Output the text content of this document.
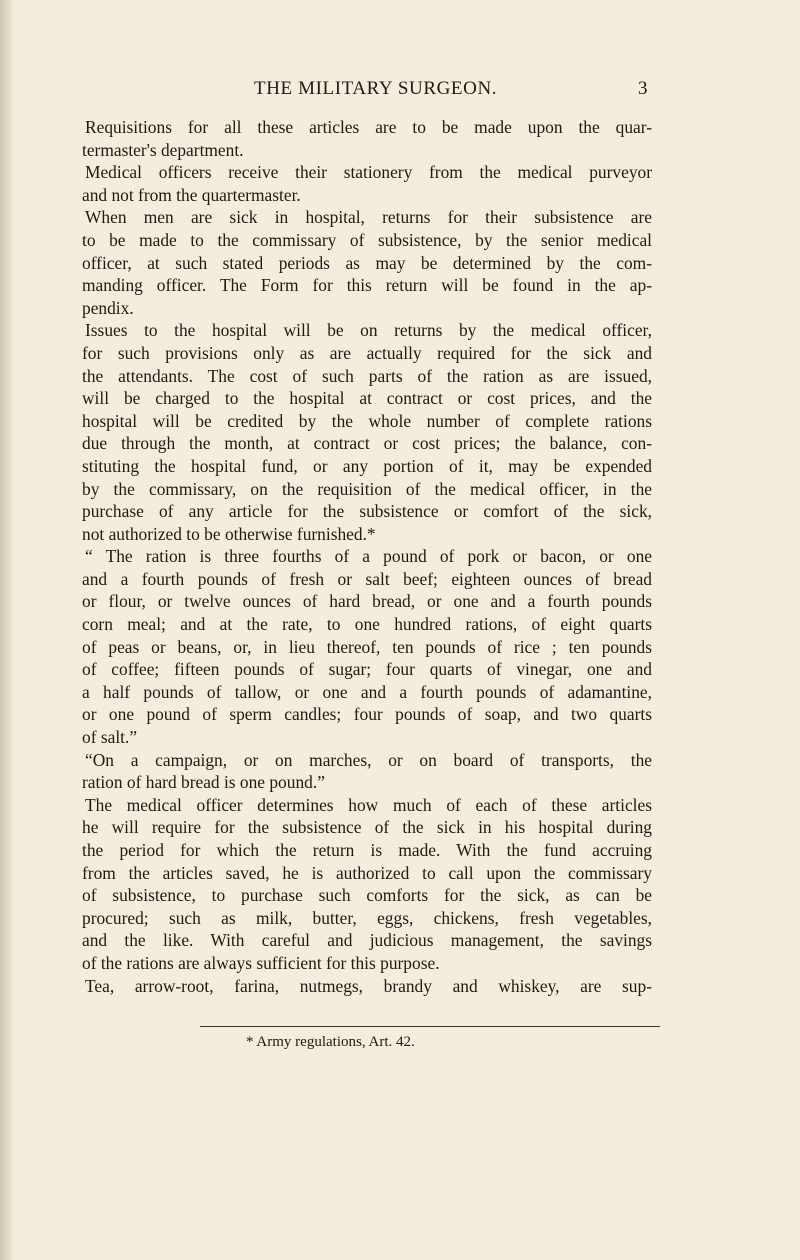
THE MILITARY SURGEON.	3
Requisitions for all these articles are to be made upon the quar-
termaster's department.
Medical officers receive their stationery from the medical purveyor
and not from the quartermaster.
When men are sick in hospital, returns for their subsistence are
to be made to the commissary of subsistence, by the senior medical
officer, at such stated periods as may be determined by the com-
manding officer. The Form for this return will be found in the ap-
pendix.
Issues to the hospital will be on returns by the medical officer,
for such provisions only as are actually required for the sick and
the attendants. The cost of such parts of the ration as are issued,
will be charged to the hospital at contract or cost prices, and the
hospital will be credited by the whole number of complete rations
due through the month, at contract or cost prices; the balance, con-
stituting the hospital fund, or any portion of it, may be expended
by the commissary, on the requisition of the medical officer, in the
purchase of any article for the subsistence or comfort of the sick,
not authorized to be otherwise furnished.*
“ The ration is three fourths of a pound of pork or bacon, or one
and a fourth pounds of fresh or salt beef; eighteen ounces of bread
or flour, or twelve ounces of hard bread, or one and a fourth pounds
corn meal; and at the rate, to one hundred rations, of eight quarts
of peas or beans, or, in lieu thereof, ten pounds of rice ; ten pounds
of coffee; fifteen pounds of sugar; four quarts of vinegar, one and
a half pounds of tallow, or one and a fourth pounds of adamantine,
or one pound of sperm candles; four pounds of soap, and two quarts
of salt.”
“On a campaign, or on marches, or on board of transports, the
ration of hard bread is one pound.”
The medical officer determines how much of each of these articles
he will require for the subsistence of the sick in his hospital during
the period for which the return is made. With the fund accruing
from the articles saved, he is authorized to call upon the commissary
of subsistence, to purchase such comforts for the sick, as can be
procured; such as milk, butter, eggs, chickens, fresh vegetables,
and the like. With careful and judicious management, the savings
of the rations are always sufficient for this purpose.
Tea, arrow-root, farina, nutmegs, brandy and whiskey, are sup-
* Army regulations, Art. 42.
